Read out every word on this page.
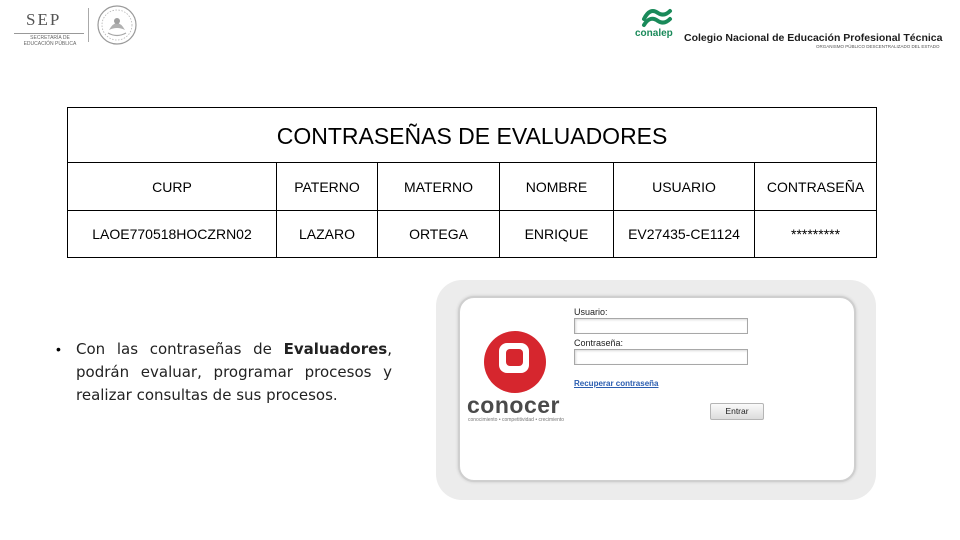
SEP
SECRETARÍA DE EDUCACIÓN PÚBLICA
conalep Colegio Nacional de Educación Profesional Técnica
ORGANISMO PÚBLICO DESCENTRALIZADO DEL ESTADO
CONTRASEÑAS DE EVALUADORES					
CURP	PATERNO	MATERNO	NOMBRE	USUARIO	CONTRASEÑA
LAOE770518HOCZRN02	LAZARO	ORTEGA	ENRIQUE	EV27435-CE1124	*********
• Con las contraseñas de Evaluadores, podrán evaluar, programar procesos y realizar consultas de sus procesos.	conocer
conocimiento • competitividad • crecimiento
Usuario:
Contraseña:
Recuperar contraseña
Entrar
